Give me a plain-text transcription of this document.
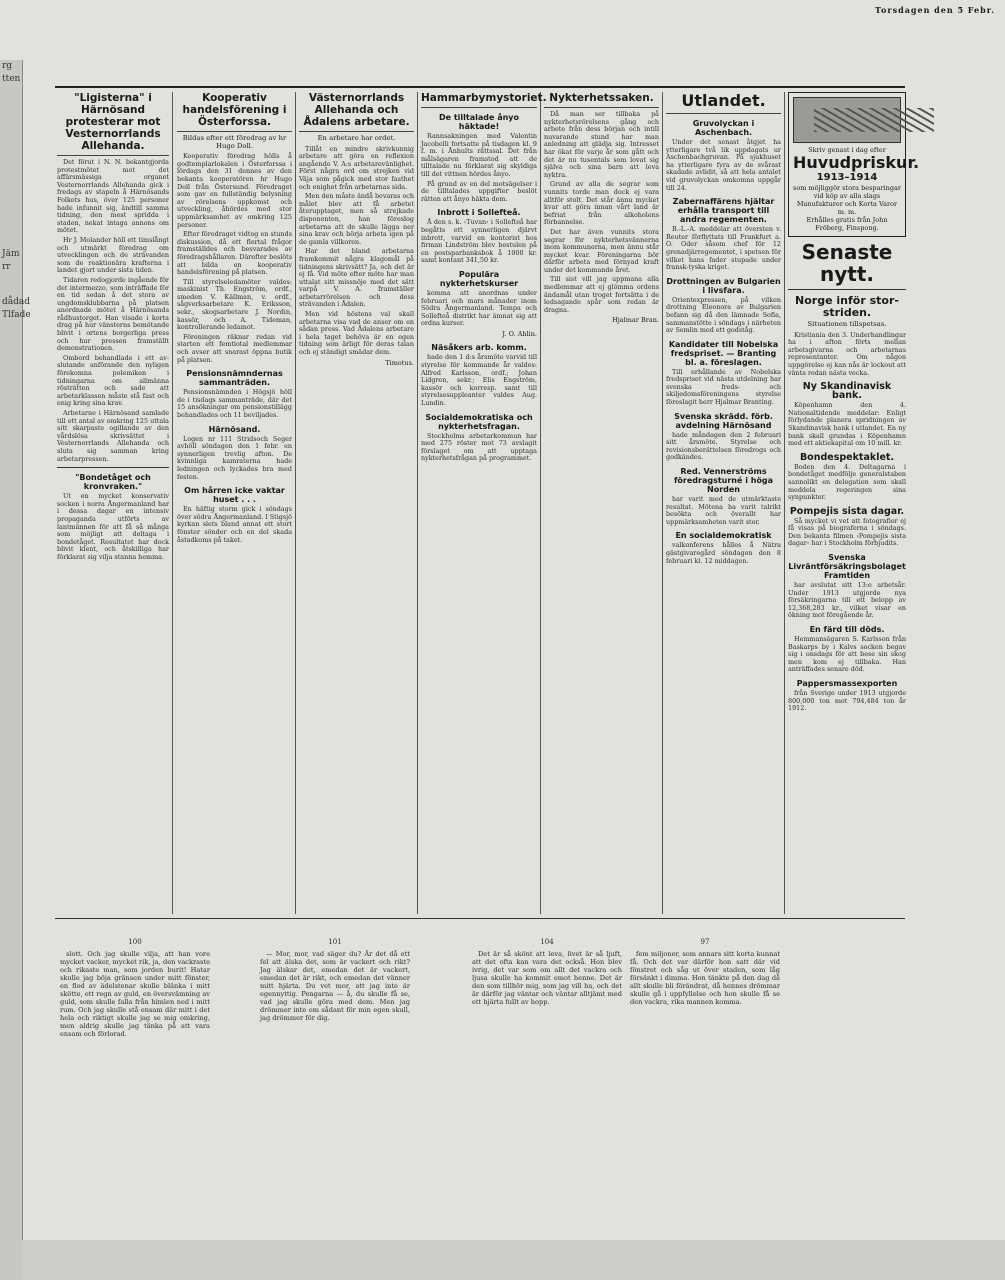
rg
tten
Jäm
rr
dådad
Tlfade
Torsdagen den 5 Febr.
"Ligisterna" i Härnösand protesterar mot Vesternorrlands Allehanda.

Det förut i N. N. bekantgjorda protestmötet mot det affärsmässiga organet Vesternorrlands Allehanda gick i fredags av stapeln å Härnösands Folkets hus, över 125 personer hade infunnit sig, ändtill samma tidning, den mest spridda i staden, nekat intaga annons om mötet.

Hr J. Molander höll ett timslångt och utmärkt föredrag om utvecklingen och de strävanden som de reaktionära krafterna i landet gjort under sista tiden.

Tidaren redogjorde ingående för det intermezzo, som inträffade för en tid sedan å det stora av ungdomsklubbarna på platsen anordnade mötet å Härnösands rådhustorget. Han visade i korta drag på hur vänsterns bemötande blivit i ortens borgerliga press och hur pressen framställt demonstrationen.

Ombord behandlade i ett av-slutande anförande den nyligen förekomna polemiken i tidningarna om allmänna rösträtten och sade att arbetarklassen måste stå fast och enig kring sina krav.

Arbetarne i Härnösand samlade till ett antal av omkring 125 uttala sitt skarpaste ogillande av den vårdslösa skrivsättet i Vesternorrlands Allehanda och sluta sig samman kring arbetarpressen.

"Bondetåget och kronvraken."

Ut en mycket konservativ socken i norra Ångermanland har i dessa dagar en intensiv propaganda utförts av lantmännen för att få så många som möjligt att deltaga i bondetåget. Resultatet har dock blivit klent, och åtskilliga har förklarat sig vilja stanna hemma.

Kooperativ handelsförening i Österforssa.
Bildas efter ett föredrag av hr Hugo Doll.

Kooperativ föredrag hölls å godtemplarlokalen i Österforssa i lördags den 31 dennes av den bekanta kooperatören hr Hugo Doll från Östersund. Föredraget som gav en fullständig belysning av rörelsens uppkomst och utveckling, åhördes med stor uppmärksamhet av omkring 125 personer.

Efter föredraget vidtog en stunds diskussion, då ett flertal frågor framställdes och besvarades av föredragshållaren. Därefter beslöts att bilda en kooperativ handelsförening på platsen.

Till styrelseledamöter valdes: maskinist Th. Engström, ordf., smeden V. Källman, v. ordf., sågverksarbetare K. Eriksson, sekr., skogsarbetare J. Nordin, kassör, och A. Tideman, kontrollerande ledamot.

Föreningen räknar redan vid starten ett femtiotal medlemmar och avser att snarast öppna butik på platsen.

Pensionsnämndernas sammanträden.

Pensionsnämnden i Högsjö höll de i tisdags sammanträde, där det 15 ansökningar om pensionstillägg behandlades och 11 beviljades.

Härnösand.

Logen nr 111 Stridsoch Seger avhöll söndagen den 1 febr. en synnerligen trevlig afton. De kvinnliga kamraterna hade ledningen och lyckades bra med festen.

Om hårren icke vaktar huset . . .

En häftig storm gick i söndags över södra Ångermanland. I Stigsjö kyrkan slets bland annat ett stort fönster sönder och en del skada åstadkoms på taket.

Västernorrlands Allehanda och Ådalens arbetare.
En arbetare har ordet.

Tillåt en mindre skrivkunnig arbetare att göra en reflexion angående V. A:s arbetarevänlighet. Först några ord om strejken vid Väja som pågick med stor fasthet och enighet från arbetarnas sida.

Men den måste ändå bevaras och målet blev att få arbetet återupptaget, men så strejkade disponenten, han föreslog arbetarna att de skulle lägga ner sina krav och börja arbeta igen på de gamla villkoren.

Har det bland arbetarna framkommit några klagomål på tidningens skrivsätt? Ja, och det är ej få. Vid möte efter möte har man uttalat sitt missnöje med det sätt varpå V. A. framställer arbetarrörelsen och dess strävanden i Ådalen.

Men vid höstens val skall arbetarna visa vad de anser om en sådan press. Vad Ådalens arbetare i hela taget behöva är en egen tidning som ärligt för deras talan och ej ständigt smädar dem.

Timotus.
Hammarbymystoriet.
De tilltalade ånyo häktade!

Rannsakningen med Valentin Jacobelli fortsatte på tisdagen kl. 9 f. m. i Ånhults rättssal. Det från målsägaren framstod att de tilltalade nu förklarat sig skyldiga till det vittnen hördes ånyo.

På grund av en del motsägelser i de tilltalades uppgifter beslöt rätten att ånyo häkta dem.

Inbrott i Sollefteå.

Å den s. k. ›Tuvan‹ i Sollefteå har begåtts ett synnerligen djärvt inbrott, varvid en kontorist hos firman Lindström blev bestulen på en postsparbanksbok å 1000 kr. samt kontant 341,50 kr.

Populära nykterhetskurser

komma att anordnas under februari och mars månader inom Södra Ångermanland. Tempa och Sollefteå distrikt har ämnat sig att ordna kurser.

J. O. Ahlin.
Näsåkers arb. komm.

hade den 1 d:s årsmöte varvid till styrelse för kommande år valdes: Alfred Karlsson, ordf.; Johan Lidgren, sekr.; Elis Engström, kassör och korresp. samt till styrelsesuppleanter valdes Aug. Lundin.

Socialdemokratiska och nykterhetsfragan.

Stockholms arbetarkommun har med 275 röster mot 73 avslagit förslaget om att upptaga nykterhetsfrågan på programmet.

Nykterhetssaken.

Då man ser tillbaka på nykterhetsrörelsens gång och arbete från dess början och intill nuvarande stund har man anledning att glädja sig. Intresset har ökat för varje år som gått och det är nu tusentals som lovat sig själva och sina barn att leva nyktra.

Grund av alla de segrar som vunnits torde man dock ej vara alltför stolt. Det står ännu mycket kvar att göra innan vårt land är befriat från alkoholens förbannelse.

Det har även vunnits stora segrar för nykterhetsvännerna inom kommunerna, men ännu står mycket kvar. Föreningarna bör därför arbeta med förnyad kraft under det kommande året.

Till sist vill jag uppmana alla medlemmar att ej glömma ordens ändamål utan troget fortsätta i de ledsagande spår som redan är dragna.

Hjalmar Bran.
Utlandet.
Gruvolyckan i Aschenbach.

Under det senast åtgjet ha ytterligare två lik uppdagats ur Aschenbachgruvan. På sjukhuset ha ytterligare fyra av de svårast skadade avlidit, så att hela antalet vid gruvolyckan omkomna uppgår till 24.

Zabernaffärens hjältar erhålla transport till andra regementen.

B.-L.-A. meddelar att översten v. Reuter förflyttats till Frankfurt a. O. Oder såsom chef för 12 grenadjärregementet, i spetsen för vilket hans fader stupade under fransk-tyska kriget.

Drottningen av Bulgarien i livsfara.

Orientexpressen, på vilken drottning Eleonora av Bulgarien befann sig då den lämnade Sofia, sammanstötte i söndags i närheten av Semlin med ett godståg.

Kandidater till Nobelska fredspriset. — Branting bl. a. föreslagen.

Till erhållande av Nobelska fredspriset vid nästa utdelning har svenska freds- och skiljedomsföreningens styrelse föreslagit herr Hjalmar Branting.

Svenska skrädd. förb. avdelning Härnösand

hade måndagen den 2 februari sitt årsmöte. Styrelse och revisionsberättelsen föredrogs och godkändes.

Red. Vennerströms föredragsturné i höga Norden

har varit med de utmärktaste resultat. Mötena ha varit talrikt besökta och överallt har uppmärksamheten varit stor.

En socialdemokratisk

valkonferens hålles å Nätra gästgivaregård söndagen den 8 februari kl. 12 middagen.

Skriv genast i dag efter
Huvudpriskur.
1913–1914
som möjliggör stora besparingar vid köp av alla slags Manufakturer och Korta Varor m. m.
Erhålles gratis från John Fröberg, Finspong.
Senaste nytt.
Norge inför stor-striden.
Situationen tillspetsas.

Kristiania den 3. Underhandlingar ha i afton förts mellan arbetsgivarna och arbetarnas representanter. Om någon uppgörelse ej kan nås är lockout att vänta redan nästa vecka.

Ny Skandinavisk bank.

Köpenhamn den 4. Nationaltidende meddelar: Enligt förlydande planera spridningen av Skandinavisk bank i utlandet. En ny bank skall grundas i Köpenhamn med ett aktiekapital om 10 mill. kr.

Bondespektaklet.

Boden den 4. Deltagarna i bondetåget medfölje generalstaben sannolikt en delegation som skall meddela regeringen sina synpunkter.

Pompejis sista dagar.

Så mycket vi vet att fotografier ej få visas på biograferna i söndags. Den bekanta filmen ›Pompejis sista dagar‹ har i Stockholm förbjudits.

Svenska Livräntförsäkringsbolaget Framtiden

har avslutat sitt 13:e arbetsår. Under 1913 utgjorde nya försäkringarna till ett belopp av 12,368,283 kr., vilket visar en ökning mot föregående år.

En färd till döds.

Hemmansägaren S. Karlsson från Baskarps by i Kalvs socken begav sig i onsdags för att bese sin skog men kom ej tillbaka. Han anträffades senare död.

Pappersmassexporten

från Sverige under 1913 utgjorde 800,000 ton mot 794,484 ton år 1912.

100

slott. Och jag skulle vilja, att han vore mycket vacker, mycket rik, ja, den vackraste och rikaste man, som jorden burit! Hatar skulle jag böja gränsen under mitt fönster, en flod av ädelstenar skulle blänka i mitt skötte, ett regn av guld, en översvämning av guld, som skulle falla från himlen ned i mitt rum. Och jag skulle stå ensam där mitt i det hela och riktigt skulle jag se mig omkring, men aldrig skulle jag tänka på att vara ensam och förlorad.

101

— Mor, mor, vad säger du? Är det då ett fel att älska det, som är vackert och rikt? Jag älskar det, emedan det är vackert, emedan det är rikt, och emedan det vänner mitt hjärta. Du vet mor, att jag inte är egennyttig. Pengarna — å, du skulle få se, vad jag skulle göra med dem. Men jag drömmer inte om sådant för min egen skull, jag drömmer för dig.

104

Det är så skönt att leva, livet är så ljuft, att det ofta kan vara det också. Hon blev ivrig, det var som om allt det vackra och ljusa skulle ha kommit emot henne. Det är den som tillhör mig, som jag vill ha, och det är därför jag väntar och väntar alltjämt med ett hjärta fullt av hopp.

97

fem miljoner, som annars sitt korta kunnat få. Och det var därför hon satt där vid fönstret och såg ut över staden, som låg försänkt i dimma. Hon tänkte på den dag då allt skulle bli förändrat, då hennes drömmar skulle gå i uppfyllelse och hon skulle få se den vackra, rika mannen komma.
